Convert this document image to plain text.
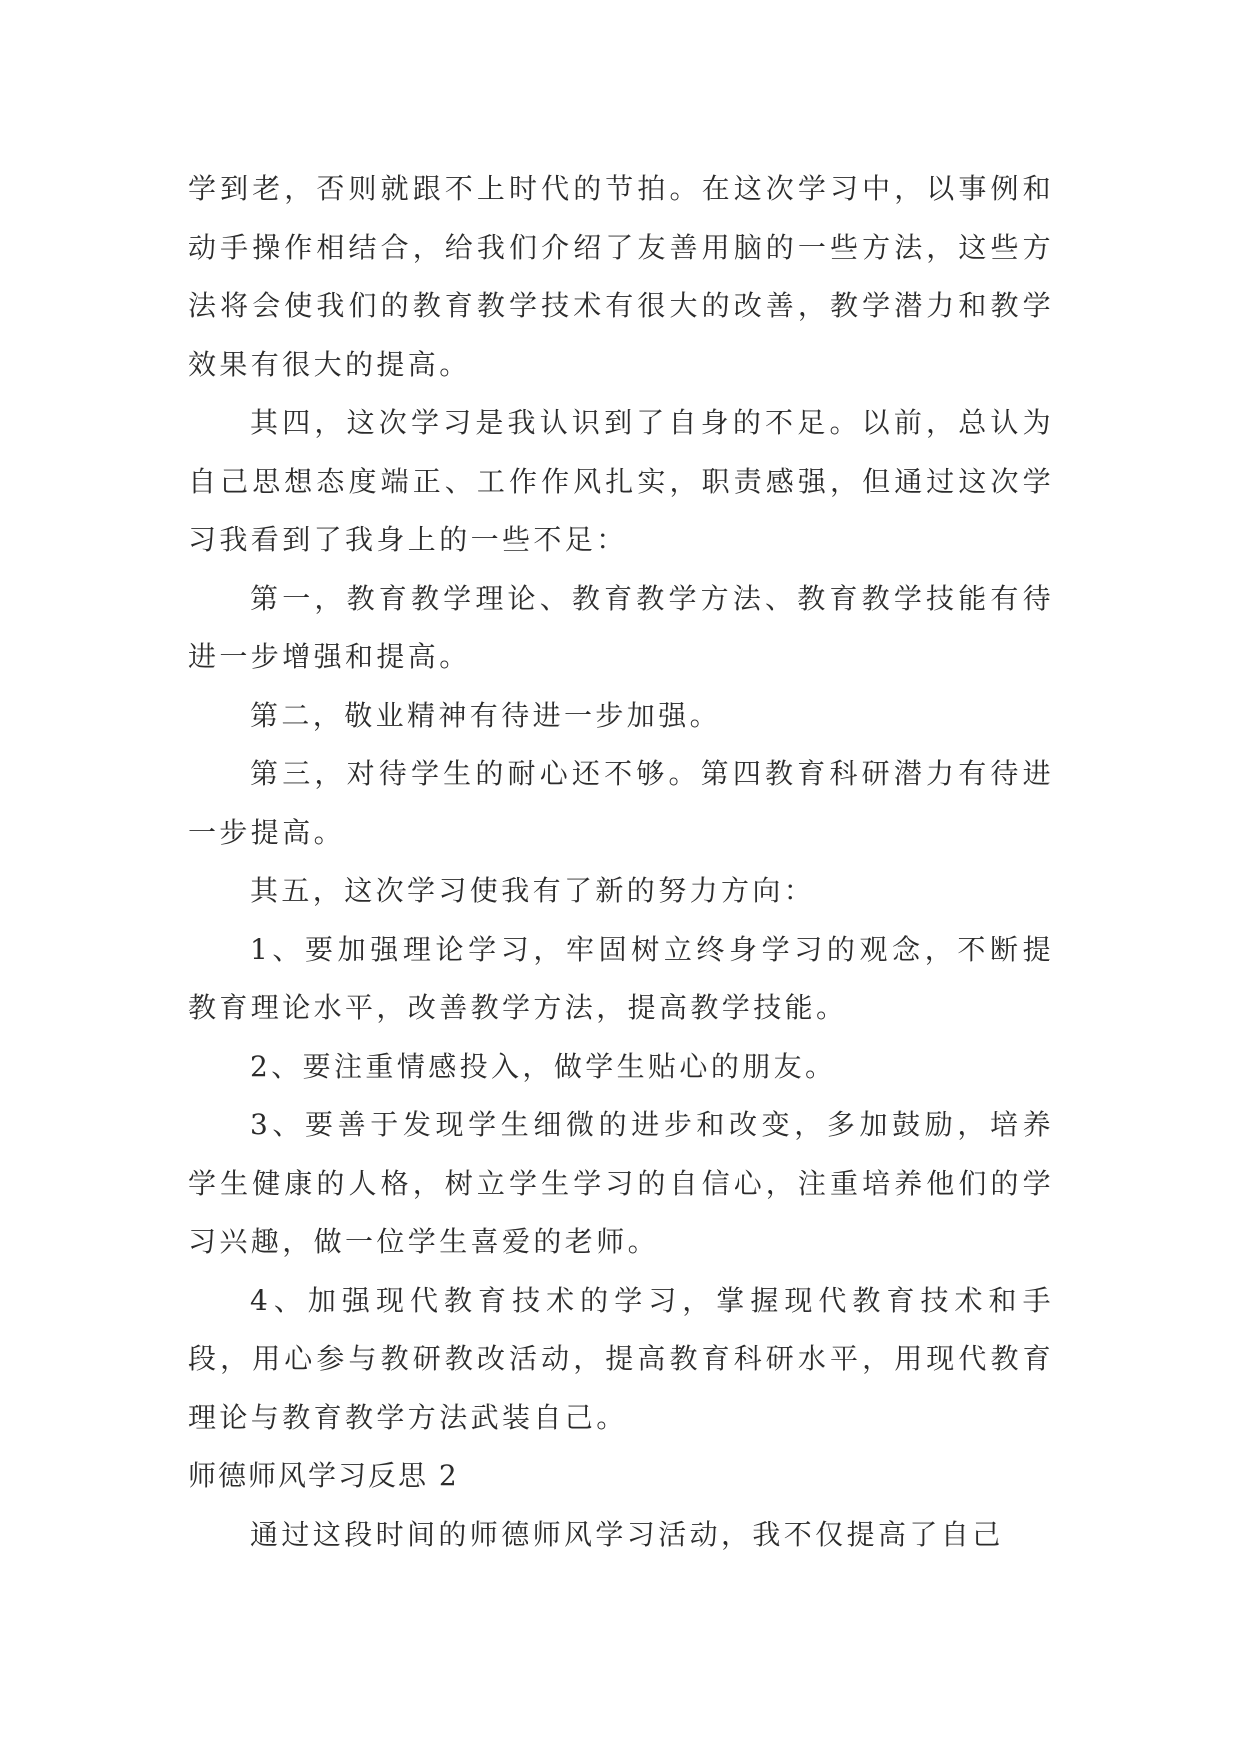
学到老，否则就跟不上时代的节拍。在这次学习中，以事例和动手操作相结合，给我们介绍了友善用脑的一些方法，这些方法将会使我们的教育教学技术有很大的改善，教学潜力和教学效果有很大的提高。

其四，这次学习是我认识到了自身的不足。以前，总认为自己思想态度端正、工作作风扎实，职责感强，但通过这次学习我看到了我身上的一些不足：

第一，教育教学理论、教育教学方法、教育教学技能有待进一步增强和提高。

第二，敬业精神有待进一步加强。

第三，对待学生的耐心还不够。第四教育科研潜力有待进一步提高。

其五，这次学习使我有了新的努力方向：

1、要加强理论学习，牢固树立终身学习的观念，不断提教育理论水平，改善教学方法，提高教学技能。

2、要注重情感投入，做学生贴心的朋友。

3、要善于发现学生细微的进步和改变，多加鼓励，培养学生健康的人格，树立学生学习的自信心，注重培养他们的学习兴趣，做一位学生喜爱的老师。

4、加强现代教育技术的学习，掌握现代教育技术和手段，用心参与教研教改活动，提高教育科研水平，用现代教育理论与教育教学方法武装自己。

师德师风学习反思 2

通过这段时间的师德师风学习活动，我不仅提高了自己
